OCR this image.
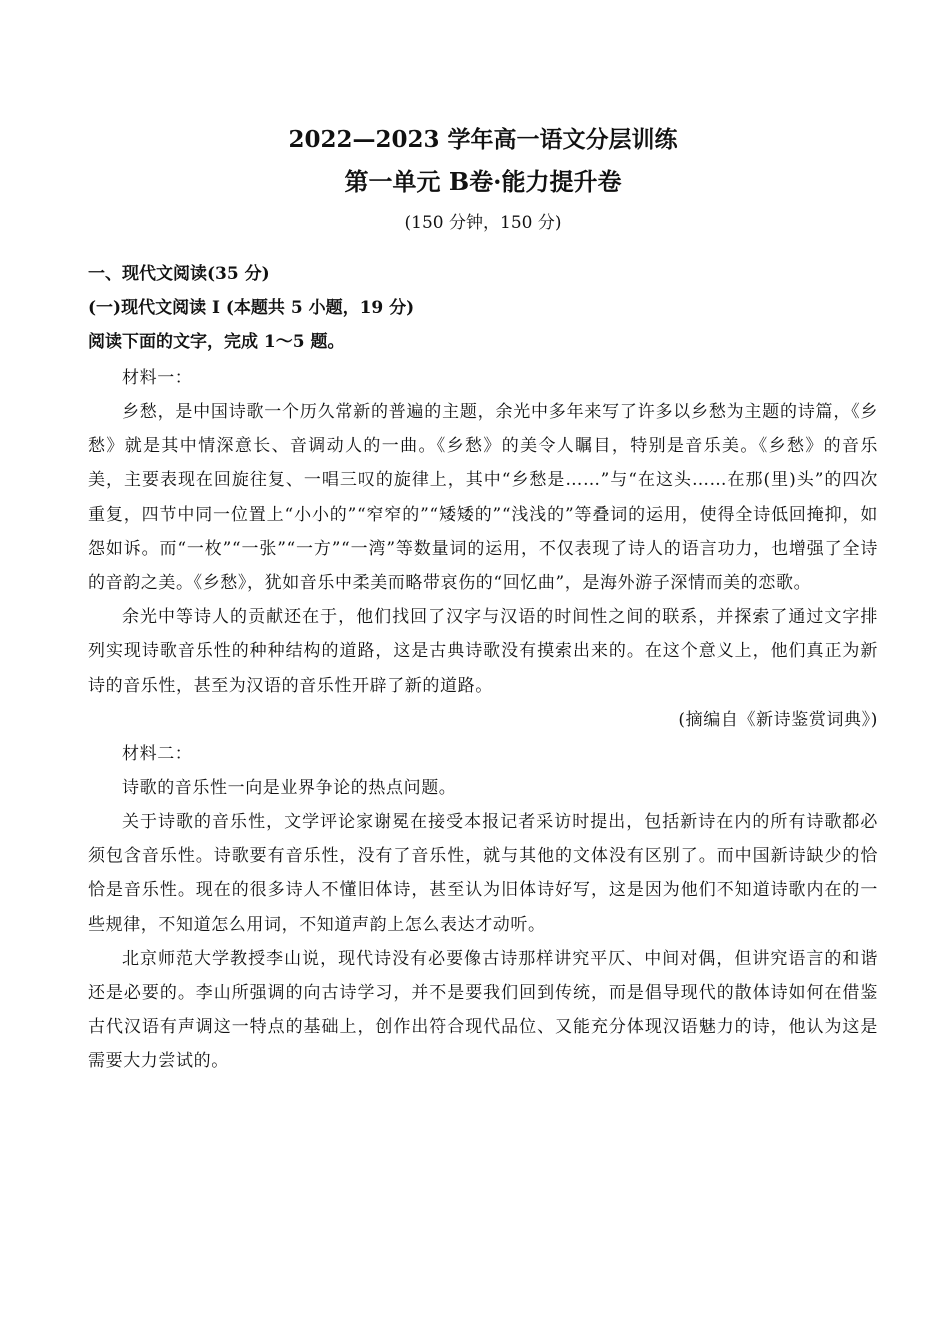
2022—2023 学年高一语文分层训练

第一单元 B卷·能力提升卷

(150 分钟，150 分)

一、现代文阅读(35 分)

(一)现代文阅读 I (本题共 5 小题，19 分)

阅读下面的文字，完成 1～5 题。

材料一：

乡愁，是中国诗歌一个历久常新的普遍的主题，余光中多年来写了许多以乡愁为主题的诗篇，《乡愁》就是其中情深意长、音调动人的一曲。《乡愁》的美令人瞩目，特别是音乐美。《乡愁》的音乐美，主要表现在回旋往复、一唱三叹的旋律上，其中“乡愁是……”与“在这头……在那(里)头”的四次重复，四节中同一位置上“小小的”“窄窄的”“矮矮的”“浅浅的”等叠词的运用，使得全诗低回掩抑，如怨如诉。而“一枚”“一张”“一方”“一湾”等数量词的运用，不仅表现了诗人的语言功力，也增强了全诗的音韵之美。《乡愁》，犹如音乐中柔美而略带哀伤的“回忆曲”，是海外游子深情而美的恋歌。

余光中等诗人的贡献还在于，他们找回了汉字与汉语的时间性之间的联系，并探索了通过文字排列实现诗歌音乐性的种种结构的道路，这是古典诗歌没有摸索出来的。在这个意义上，他们真正为新诗的音乐性，甚至为汉语的音乐性开辟了新的道路。

(摘编自《新诗鉴赏词典》)

材料二：

诗歌的音乐性一向是业界争论的热点问题。

关于诗歌的音乐性，文学评论家谢冕在接受本报记者采访时提出，包括新诗在内的所有诗歌都必须包含音乐性。诗歌要有音乐性，没有了音乐性，就与其他的文体没有区别了。而中国新诗缺少的恰恰是音乐性。现在的很多诗人不懂旧体诗，甚至认为旧体诗好写，这是因为他们不知道诗歌内在的一些规律，不知道怎么用词，不知道声韵上怎么表达才动听。

北京师范大学教授李山说，现代诗没有必要像古诗那样讲究平仄、中间对偶，但讲究语言的和谐还是必要的。李山所强调的向古诗学习，并不是要我们回到传统，而是倡导现代的散体诗如何在借鉴古代汉语有声调这一特点的基础上，创作出符合现代品位、又能充分体现汉语魅力的诗，他认为这是需要大力尝试的。
